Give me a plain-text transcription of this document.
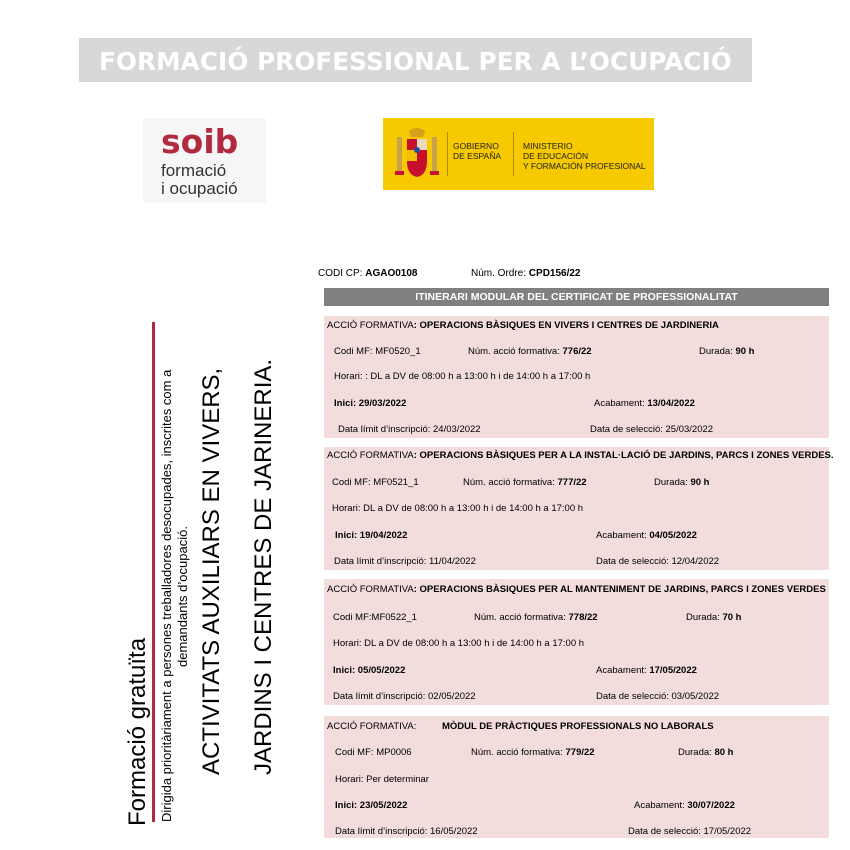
FORMACIÓ PROFESSIONAL PER A L’OCUPACIÓ
soib
formació
i ocupació
GOBIERNO
DE ESPAÑA
MINISTERIO
DE EDUCACIÓN
Y FORMACIÓN PROFESIONAL
Formació gratuïta Dirigida prioritàriament a persones treballadores desocupades, inscrites com a demandants d’ocupació. ACTIVITATS AUXILIARS EN VIVERS, JARDINS I CENTRES DE JARINERIA.
CODI CP: AGAO0108	Núm. Ordre: CPD156/22
ITINERARI MODULAR DEL CERTIFICAT DE PROFESSIONALITAT
ACCIÓ FORMATIVA: OPERACIONS BÀSIQUES EN VIVERS I CENTRES DE JARDINERIA
Codi MF: MF0520_1	Núm. acció formativa: 776/22	Durada: 90 h
Horari: : DL a DV de 08:00 h a 13:00 h i de 14:00 h a 17:00 h
Inici: 29/03/2022	Acabament: 13/04/2022
Data límit d’inscripció: 24/03/2022	Data de selecció: 25/03/2022
ACCIÓ FORMATIVA: OPERACIONS BÀSIQUES PER A LA INSTAL·LACIÓ DE JARDINS, PARCS I ZONES VERDES.
Codi MF: MF0521_1	Núm. acció formativa: 777/22	Durada: 90 h
Horari: DL a DV de 08:00 h a 13:00 h i de 14:00 h a 17:00 h
Inici: 19/04/2022	Acabament: 04/05/2022
Data límit d’inscripció: 11/04/2022	Data de selecció: 12/04/2022
ACCIÓ FORMATIVA: OPERACIONS BÀSIQUES PER AL MANTENIMENT DE JARDINS, PARCS I ZONES VERDES
Codi MF:MF0522_1	Núm. acció formativa: 778/22	Durada: 70 h
Horari: DL a DV de 08:00 h a 13:00 h i de 14:00 h a 17:00 h
Inici: 05/05/2022	Acabament: 17/05/2022
Data límit d’inscripció: 02/05/2022	Data de selecció: 03/05/2022
ACCIÓ FORMATIVA:	MÒDUL DE PRÀCTIQUES PROFESSIONALS NO LABORALS
Codi MF: MP0006	Núm. acció formativa: 779/22	Durada: 80 h
Horari: Per determinar
Inici: 23/05/2022	Acabament: 30/07/2022
Data límit d’inscripció: 16/05/2022	Data de selecció: 17/05/2022
